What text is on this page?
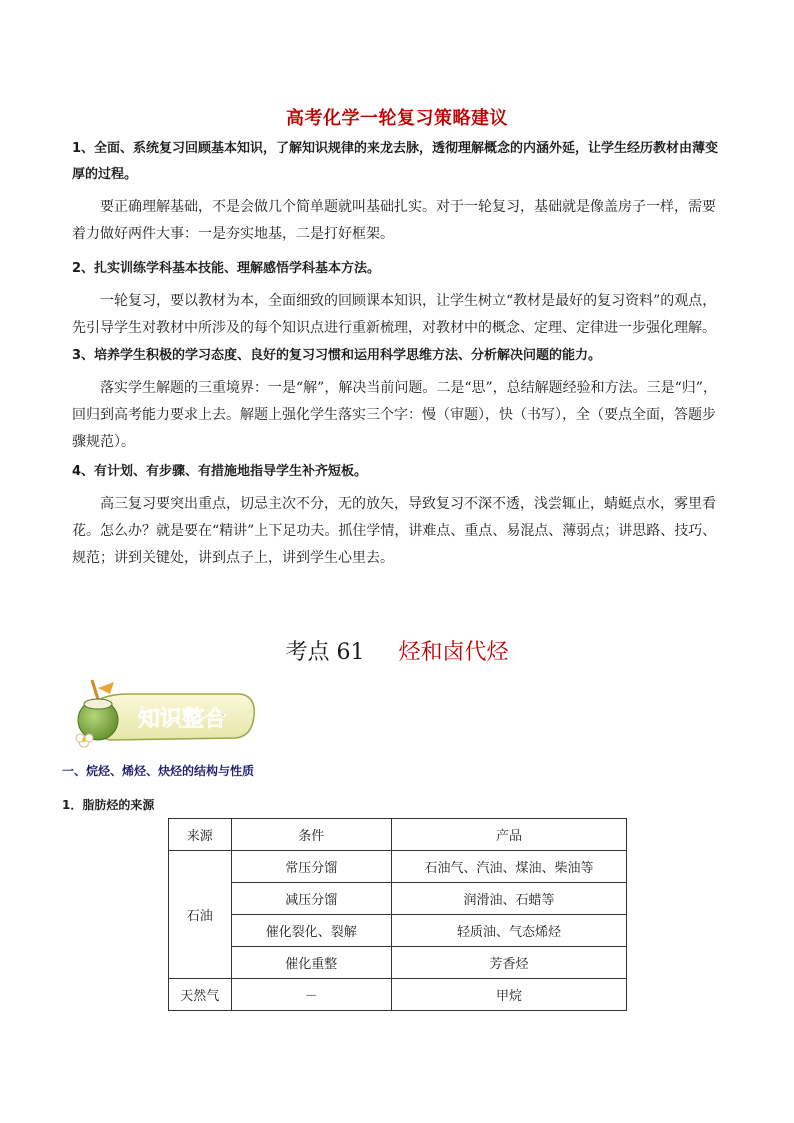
高考化学一轮复习策略建议

1、全面、系统复习回顾基本知识，了解知识规律的来龙去脉，透彻理解概念的内涵外延，让学生经历教材由薄变厚的过程。

要正确理解基础，不是会做几个简单题就叫基础扎实。对于一轮复习，基础就是像盖房子一样，需要着力做好两件大事：一是夯实地基，二是打好框架。

2、扎实训练学科基本技能、理解感悟学科基本方法。

一轮复习，要以教材为本，全面细致的回顾课本知识，让学生树立“教材是最好的复习资料”的观点，先引导学生对教材中所涉及的每个知识点进行重新梳理，对教材中的概念、定理、定律进一步强化理解。

3、培养学生积极的学习态度、良好的复习习惯和运用科学思维方法、分析解决问题的能力。

落实学生解题的三重境界：一是“解”，解决当前问题。二是“思”，总结解题经验和方法。三是“归”，回归到高考能力要求上去。解题上强化学生落实三个字：慢（审题），快（书写），全（要点全面，答题步骤规范）。

4、有计划、有步骤、有措施地指导学生补齐短板。

高三复习要突出重点，切忌主次不分，无的放矢，导致复习不深不透，浅尝辄止，蜻蜓点水，雾里看花。怎么办？就是要在“精讲”上下足功夫。抓住学情，讲难点、重点、易混点、薄弱点；讲思路、技巧、规范；讲到关键处，讲到点子上，讲到学生心里去。

考点 61 烃和卤代烃
知识整合
一、烷烃、烯烃、炔烃的结构与性质
1．脂肪烃的来源
来源	条件	产品
石油	常压分馏	石油气、汽油、煤油、柴油等
	减压分馏	润滑油、石蜡等
	催化裂化、裂解	轻质油、气态烯烃
	催化重整	芳香烃
天然气	－	甲烷
